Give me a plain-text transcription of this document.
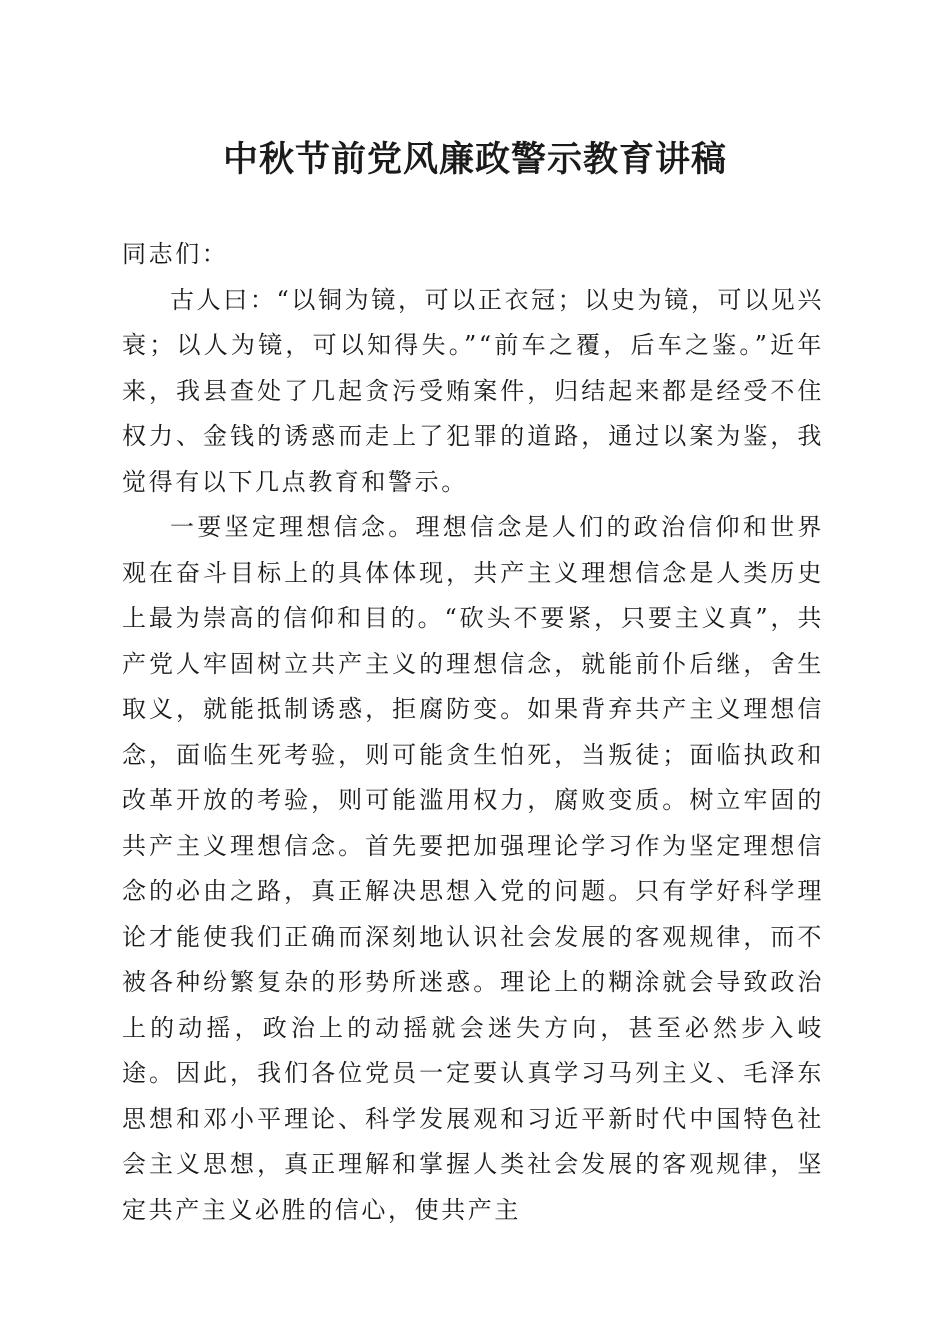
中秋节前党风廉政警示教育讲稿

同志们：

古人曰：“以铜为镜，可以正衣冠；以史为镜，可以见兴衰；以人为镜，可以知得失。”“前车之覆，后车之鉴。”近年来，我县查处了几起贪污受贿案件，归结起来都是经受不住权力、金钱的诱惑而走上了犯罪的道路，通过以案为鉴，我觉得有以下几点教育和警示。

一要坚定理想信念。理想信念是人们的政治信仰和世界观在奋斗目标上的具体体现，共产主义理想信念是人类历史上最为崇高的信仰和目的。“砍头不要紧，只要主义真”，共产党人牢固树立共产主义的理想信念，就能前仆后继，舍生取义，就能抵制诱惑，拒腐防变。如果背弃共产主义理想信念，面临生死考验，则可能贪生怕死，当叛徒；面临执政和改革开放的考验，则可能滥用权力，腐败变质。树立牢固的共产主义理想信念。首先要把加强理论学习作为坚定理想信念的必由之路，真正解决思想入党的问题。只有学好科学理论才能使我们正确而深刻地认识社会发展的客观规律，而不被各种纷繁复杂的形势所迷惑。理论上的糊涂就会导致政治上的动摇，政治上的动摇就会迷失方向，甚至必然步入岐途。因此，我们各位党员一定要认真学习马列主义、毛泽东思想和邓小平理论、科学发展观和习近平新时代中国特色社会主义思想，真正理解和掌握人类社会发展的客观规律，坚定共产主义必胜的信心，使共产主
